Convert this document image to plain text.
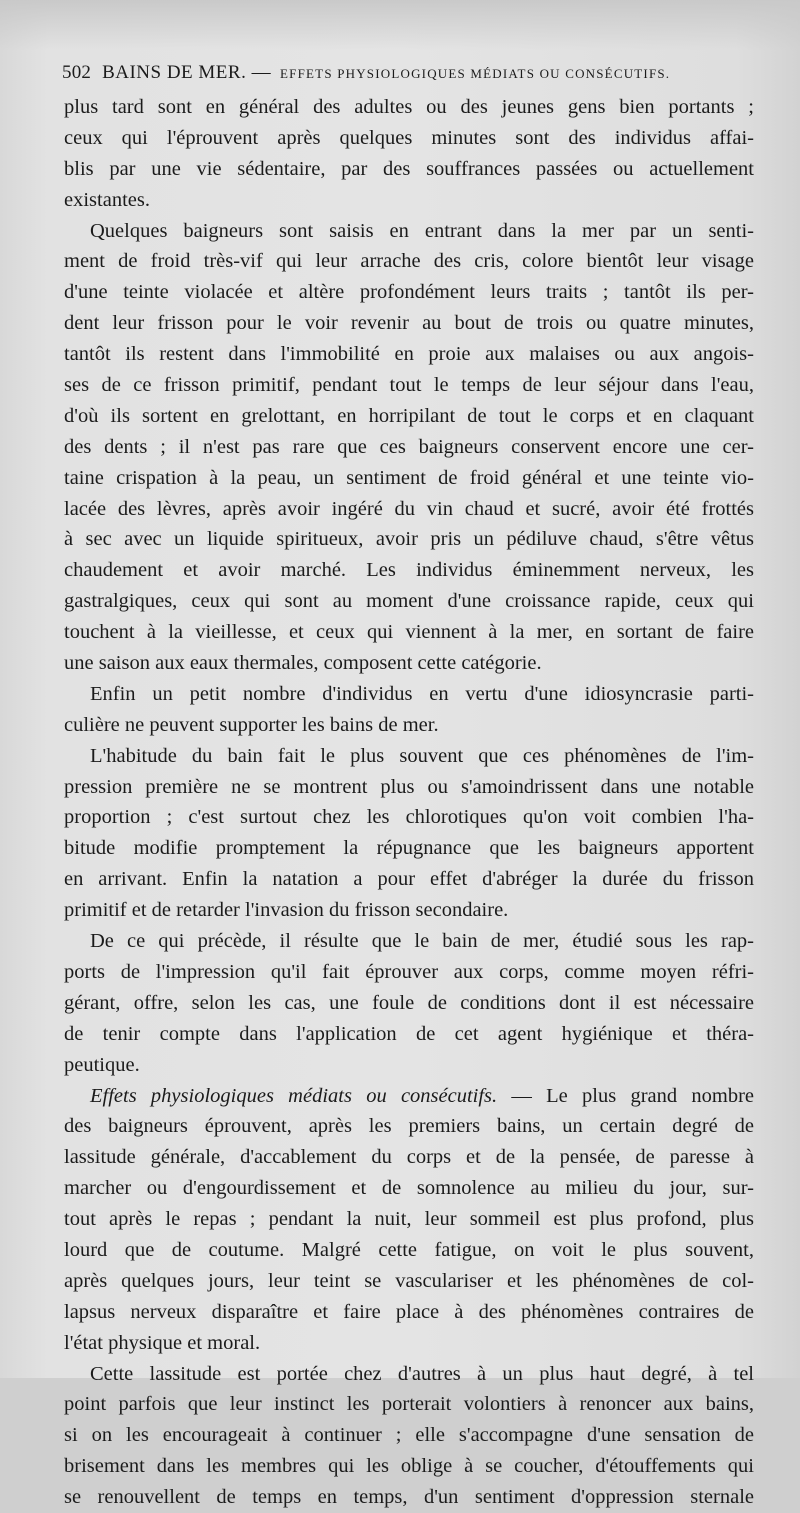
502 BAINS DE MER. — EFFETS PHYSIOLOGIQUES MÉDIATS OU CONSÉCUTIFS.
plus tard sont en général des adultes ou des jeunes gens bien portants ;
ceux qui l'éprouvent après quelques minutes sont des individus affai-
blis par une vie sédentaire, par des souffrances passées ou actuellement
existantes.
Quelques baigneurs sont saisis en entrant dans la mer par un senti-
ment de froid très-vif qui leur arrache des cris, colore bientôt leur visage
d'une teinte violacée et altère profondément leurs traits ; tantôt ils per-
dent leur frisson pour le voir revenir au bout de trois ou quatre minutes,
tantôt ils restent dans l'immobilité en proie aux malaises ou aux angois-
ses de ce frisson primitif, pendant tout le temps de leur séjour dans l'eau,
d'où ils sortent en grelottant, en horripilant de tout le corps et en claquant
des dents ; il n'est pas rare que ces baigneurs conservent encore une cer-
taine crispation à la peau, un sentiment de froid général et une teinte vio-
lacée des lèvres, après avoir ingéré du vin chaud et sucré, avoir été frottés
à sec avec un liquide spiritueux, avoir pris un pédiluve chaud, s'être vêtus
chaudement et avoir marché. Les individus éminemment nerveux, les
gastralgiques, ceux qui sont au moment d'une croissance rapide, ceux qui
touchent à la vieillesse, et ceux qui viennent à la mer, en sortant de faire
une saison aux eaux thermales, composent cette catégorie.
Enfin un petit nombre d'individus en vertu d'une idiosyncrasie parti-
culière ne peuvent supporter les bains de mer.
L'habitude du bain fait le plus souvent que ces phénomènes de l'im-
pression première ne se montrent plus ou s'amoindrissent dans une notable
proportion ; c'est surtout chez les chlorotiques qu'on voit combien l'ha-
bitude modifie promptement la répugnance que les baigneurs apportent
en arrivant. Enfin la natation a pour effet d'abréger la durée du frisson
primitif et de retarder l'invasion du frisson secondaire.
De ce qui précède, il résulte que le bain de mer, étudié sous les rap-
ports de l'impression qu'il fait éprouver aux corps, comme moyen réfri-
gérant, offre, selon les cas, une foule de conditions dont il est nécessaire
de tenir compte dans l'application de cet agent hygiénique et théra-
peutique.
Effets physiologiques médiats ou consécutifs. — Le plus grand nombre
des baigneurs éprouvent, après les premiers bains, un certain degré de
lassitude générale, d'accablement du corps et de la pensée, de paresse à
marcher ou d'engourdissement et de somnolence au milieu du jour, sur-
tout après le repas ; pendant la nuit, leur sommeil est plus profond, plus
lourd que de coutume. Malgré cette fatigue, on voit le plus souvent,
après quelques jours, leur teint se vasculariser et les phénomènes de col-
lapsus nerveux disparaître et faire place à des phénomènes contraires de
l'état physique et moral.
Cette lassitude est portée chez d'autres à un plus haut degré, à tel
point parfois que leur instinct les porterait volontiers à renoncer aux bains,
si on les encourageait à continuer ; elle s'accompagne d'une sensation de
brisement dans les membres qui les oblige à se coucher, d'étouffements qui
se renouvellent de temps en temps, d'un sentiment d'oppression sternale
